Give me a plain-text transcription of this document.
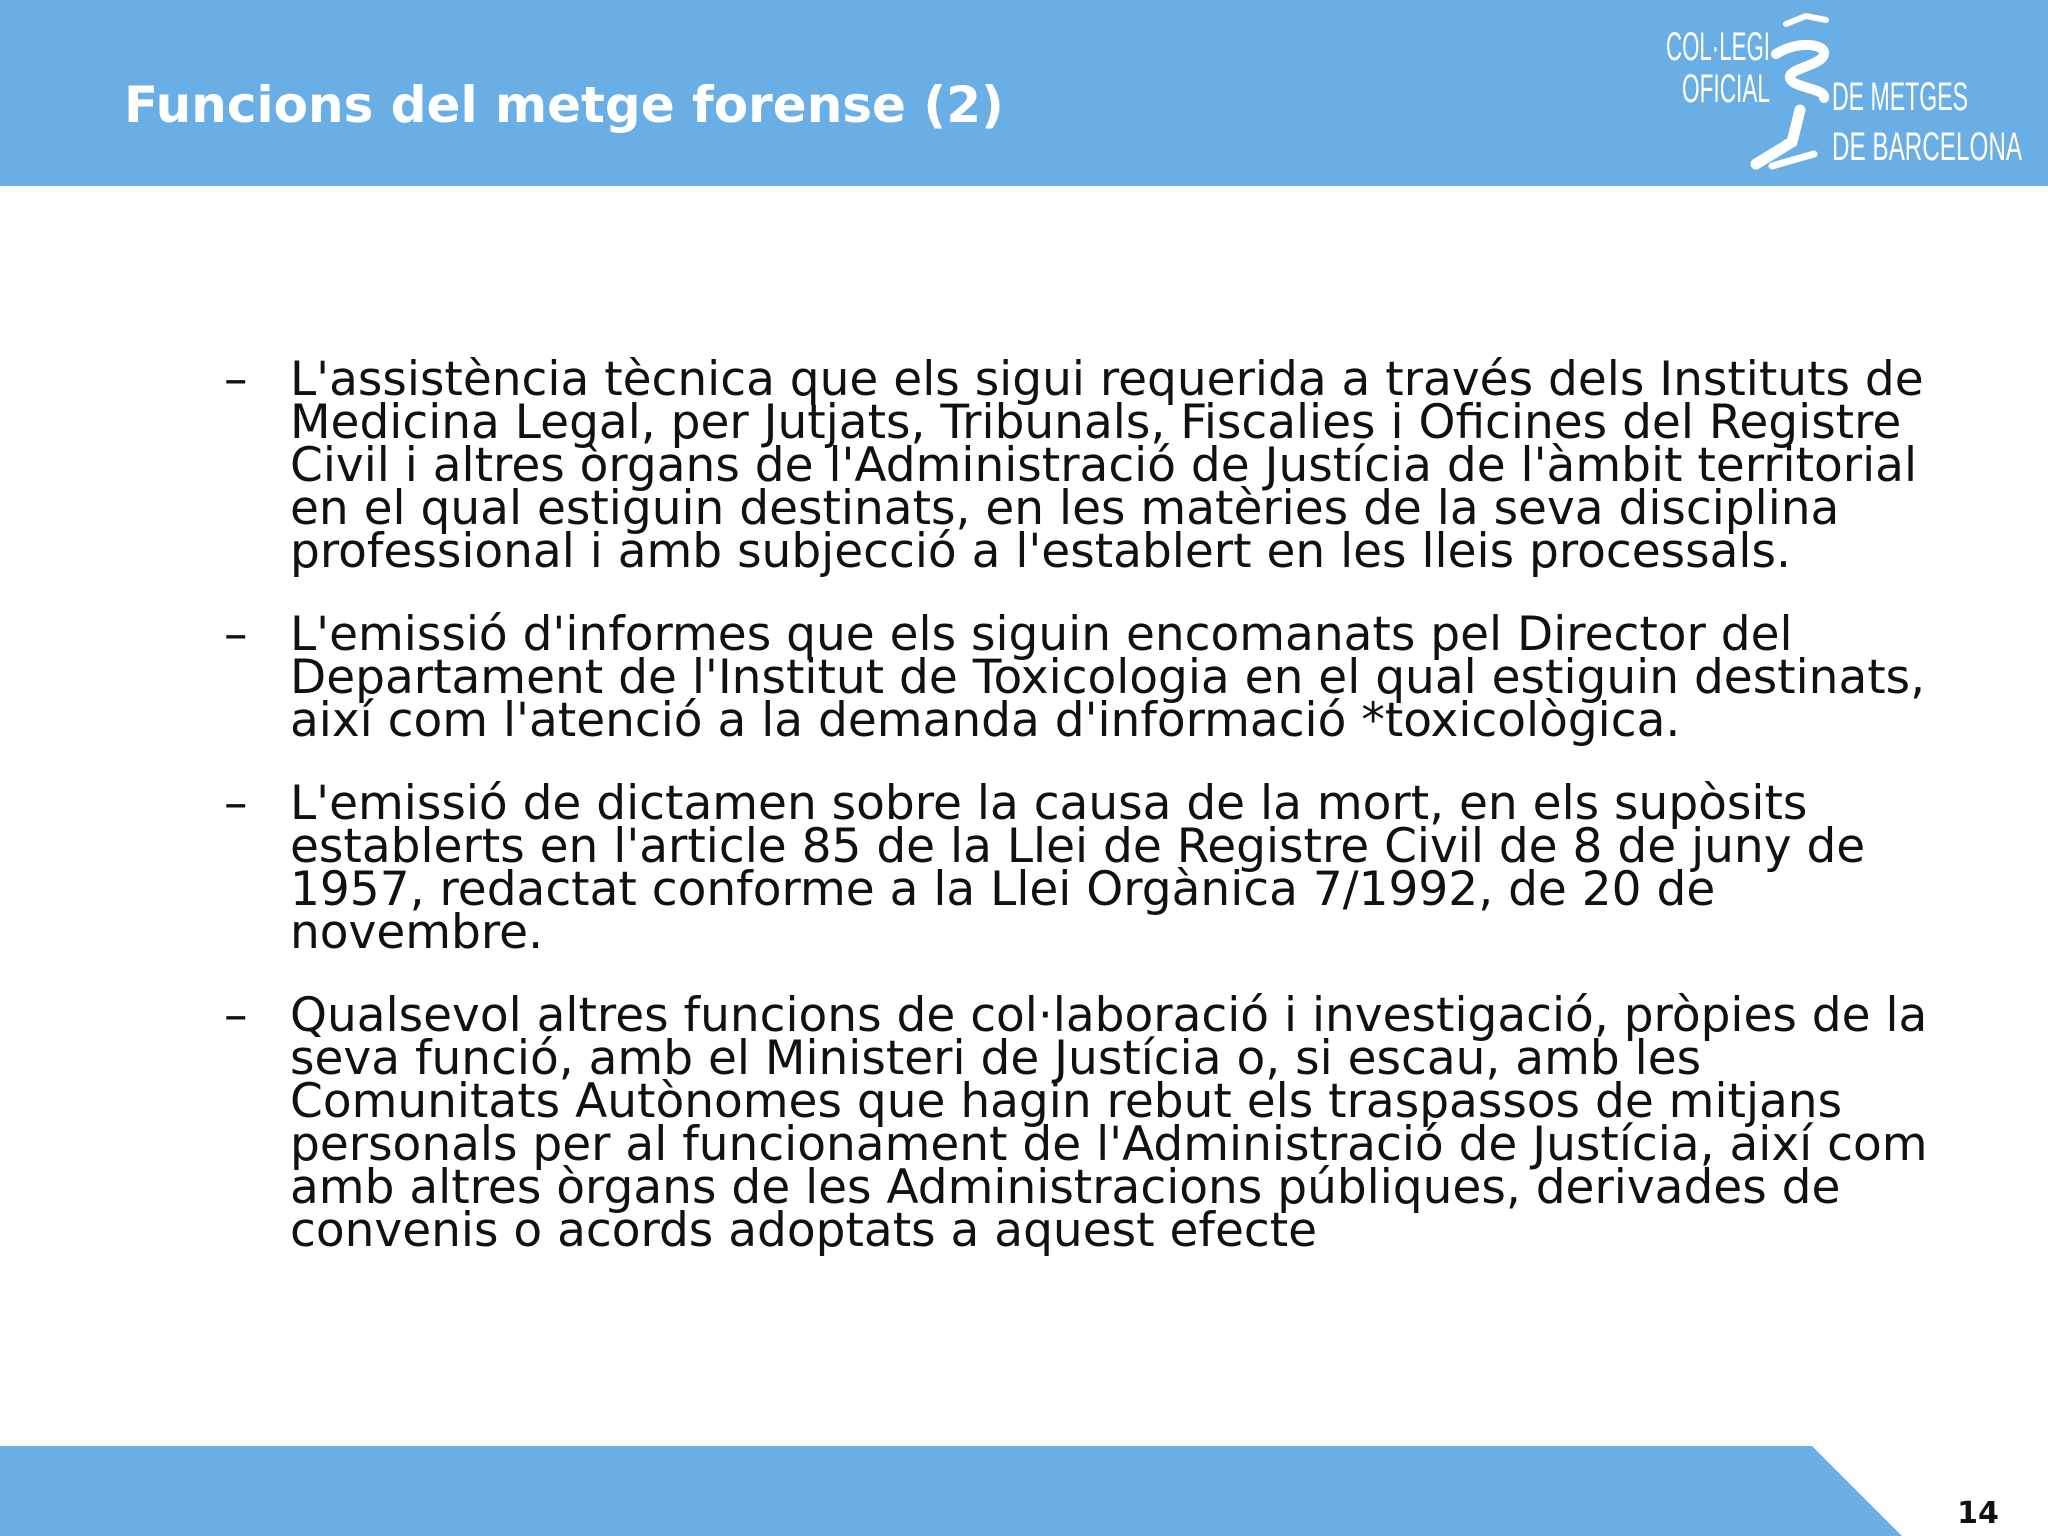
Funcions del metge forense (2)
COL·LEGI
OFICIAL DE METGES
DE BARCELONA
– L'assistència tècnica que els sigui requerida a través dels Instituts de Medicina Legal, per Jutjats, Tribunals, Fiscalies i Oficines del Registre Civil i altres òrgans de l'Administració de Justícia de l'àmbit territorial en el qual estiguin destinats, en les matèries de la seva disciplina professional i amb subjecció a l'establert en les lleis processals.
– L'emissió d'informes que els siguin encomanats pel Director del Departament de l'Institut de Toxicologia en el qual estiguin destinats, així com l'atenció a la demanda d'informació *toxicològica.
– L'emissió de dictamen sobre la causa de la mort, en els supòsits establerts en l'article 85 de la Llei de Registre Civil de 8 de juny de 1957, redactat conforme a la Llei Orgànica 7/1992, de 20 de novembre.
– Qualsevol altres funcions de col·laboració i investigació, pròpies de la seva funció, amb el Ministeri de Justícia o, si escau, amb les Comunitats Autònomes que hagin rebut els traspassos de mitjans personals per al funcionament de l'Administració de Justícia, així com amb altres òrgans de les Administracions públiques, derivades de convenis o acords adoptats a aquest efecte
14
